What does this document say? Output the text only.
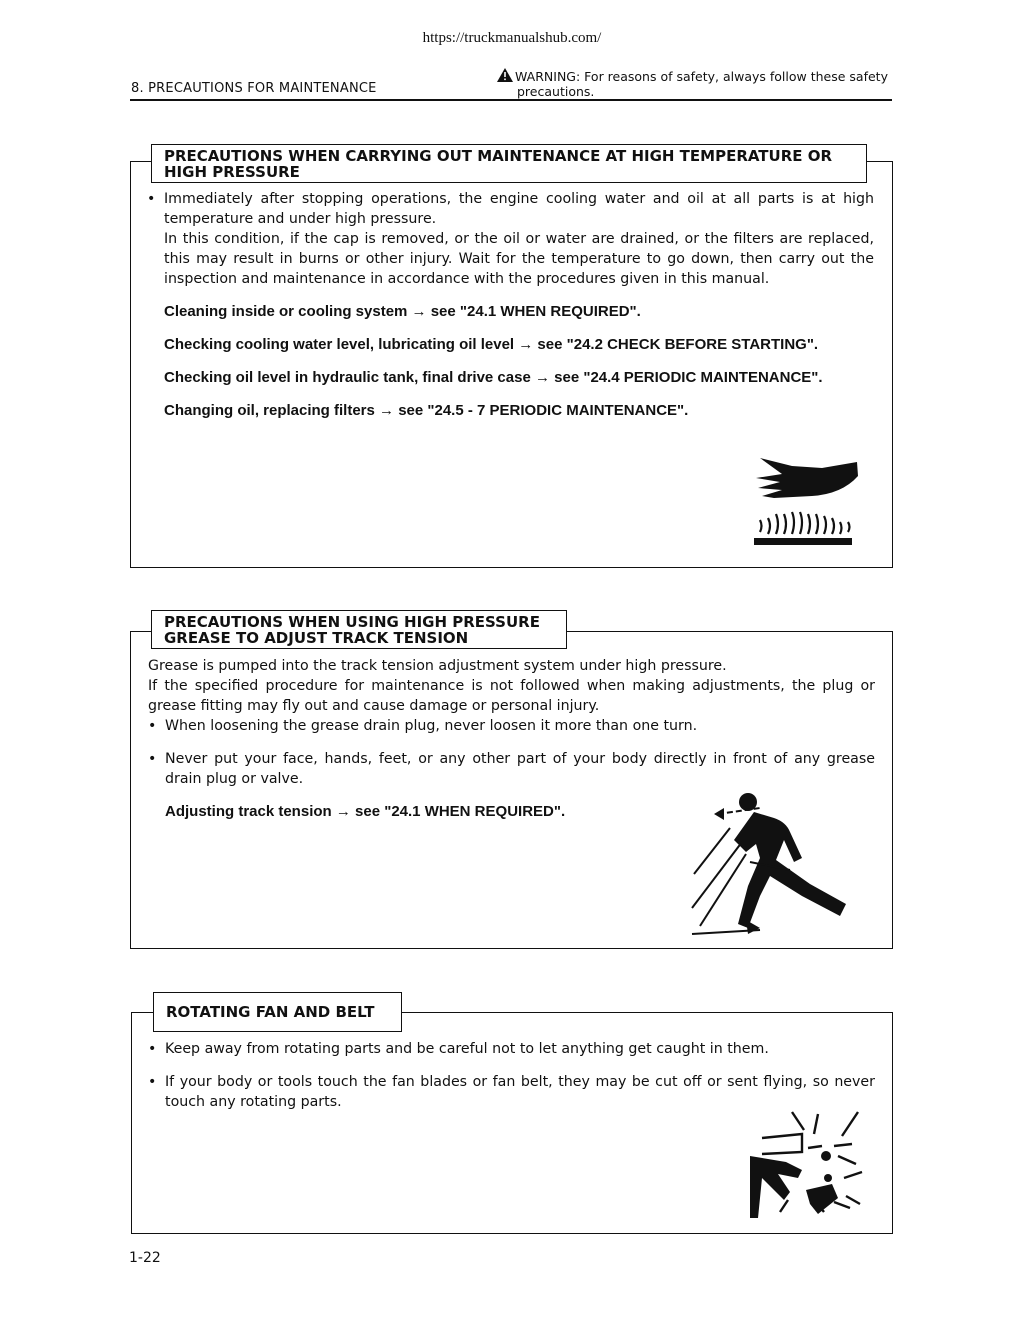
https://truckmanualshub.com/
8. PRECAUTIONS FOR MAINTENANCE
WARNING: For reasons of safety, always follow these safety
precautions.
PRECAUTIONS WHEN CARRYING OUT MAINTENANCE AT HIGH TEMPERATURE OR
HIGH PRESSURE
• Immediately after stopping operations, the engine cooling water and oil at all parts is at high temperature and under high pressure.
In this condition, if the cap is removed, or the oil or water are drained, or the filters are replaced, this may result in burns or other injury. Wait for the temperature to go down, then carry out the inspection and maintenance in accordance with the procedures given in this manual.
Cleaning inside or cooling system → see "24.1 WHEN REQUIRED".
Checking cooling water level, lubricating oil level → see "24.2 CHECK BEFORE STARTING".
Checking oil level in hydraulic tank, final drive case → see "24.4 PERIODIC MAINTENANCE".
Changing oil, replacing filters → see "24.5 - 7 PERIODIC MAINTENANCE".
PRECAUTIONS WHEN USING HIGH PRESSURE
GREASE TO ADJUST TRACK TENSION
Grease is pumped into the track tension adjustment system under high pressure.
If the specified procedure for maintenance is not followed when making adjustments, the plug or grease fitting may fly out and cause damage or personal injury.
• When loosening the grease drain plug, never loosen it more than one turn.
• Never put your face, hands, feet, or any other part of your body directly in front of any grease drain plug or valve.
Adjusting track tension → see "24.1 WHEN REQUIRED".
ROTATING FAN AND BELT
• Keep away from rotating parts and be careful not to let anything get caught in them.
• If your body or tools touch the fan blades or fan belt, they may be cut off or sent flying, so never touch any rotating parts.
1-22
